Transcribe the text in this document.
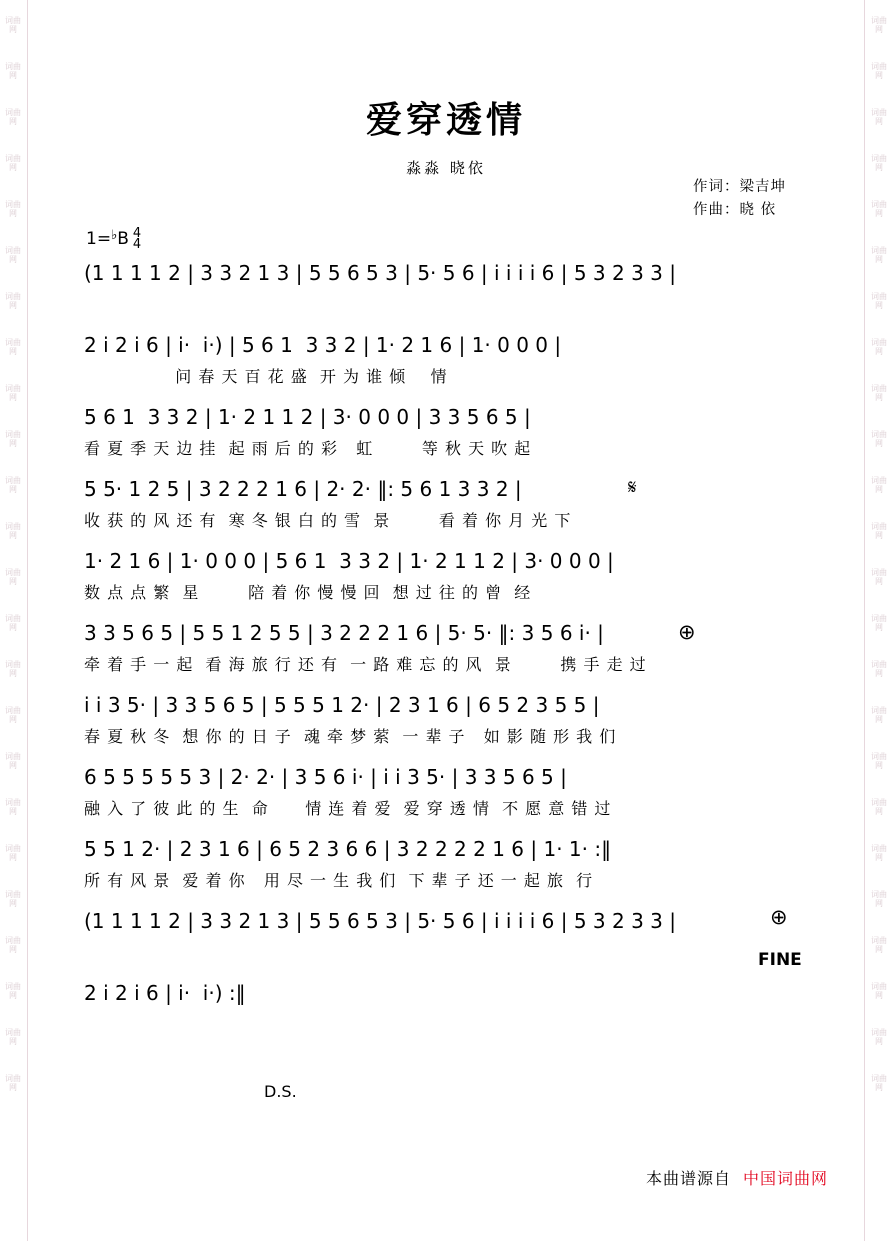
词曲网
词曲网
词曲网
词曲网
词曲网
词曲网
词曲网
词曲网
词曲网
词曲网
词曲网
词曲网
词曲网
词曲网
词曲网
词曲网
词曲网
词曲网
词曲网
词曲网
词曲网
词曲网
词曲网
词曲网
词曲网
词曲网
词曲网
词曲网
词曲网
词曲网
词曲网
词曲网
词曲网
词曲网
词曲网
词曲网
词曲网
词曲网
词曲网
词曲网
词曲网
词曲网
词曲网
词曲网
词曲网
词曲网
词曲网
词曲网
爱穿透情
淼淼 晓依
作词：梁吉坤
作曲：晓 依
1=♭B 4
4
(1 1 1 1 2 | 3 3 2 1 3 | 5 5 6 5 3 | 5· 5 6 | i i i i 6 | 5 3 2 3 3 |
2 i 2 i 6 | i·  i·) | 5 6 1  3 3 2 | 1· 2 1 6 | 1· 0 0 0 |
问 春 天 百 花 盛  开 为 谁 倾    情
5 6 1  3 3 2 | 1· 2 1 1 2 | 3· 0 0 0 | 3 3 5 6 5 |
看 夏 季 天 边 挂  起 雨 后 的 彩   虹        等 秋 天 吹 起
5 5· 1 2 5 | 3 2 2 2 1 6 | 2· 2· ‖: 5 6 1 3 3 2 |
收 获 的 风 还 有  寒 冬 银 白 的 雪  景        看 着 你 月 光 下
1· 2 1 6 | 1· 0 0 0 | 5 6 1  3 3 2 | 1· 2 1 1 2 | 3· 0 0 0 |
数 点 点 繁  星        陪 着 你 慢 慢 回  想 过 往 的 曾  经
3 3 5 6 5 | 5 5 1 2 5 5 | 3 2 2 2 1 6 | 5· 5· ‖: 3 5 6 i· |
牵 着 手 一 起  看 海 旅 行 还 有  一 路 难 忘 的 风  景        携 手 走 过
i i 3 5· | 3 3 5 6 5 | 5 5 5 1 2· | 2 3 1 6 | 6 5 2 3 5 5 |
春 夏 秋 冬  想 你 的 日 子  魂 牵 梦 萦  一 辈 子   如 影 随 形 我 们
6 5 5 5 5 5 3 | 2· 2· | 3 5 6 i· | i i 3 5· | 3 3 5 6 5 |
融 入 了 彼 此 的 生  命      情 连 着 爱  爱 穿 透 情  不 愿 意 错 过
5 5 1 2· | 2 3 1 6 | 6 5 2 3 6 6 | 3 2 2 2 2 1 6 | 1· 1· :‖
所 有 风 景  爱 着 你   用 尽 一 生 我 们  下 辈 子 还 一 起 旅  行
(1 1 1 1 2 | 3 3 2 1 3 | 5 5 6 5 3 | 5· 5 6 | i i i i 6 | 5 3 2 3 3 |
2 i 2 i 6 | i·  i·) :‖
𝄋
⊕
⊕
FINE
D.S.
本曲谱源自 中国词曲网
